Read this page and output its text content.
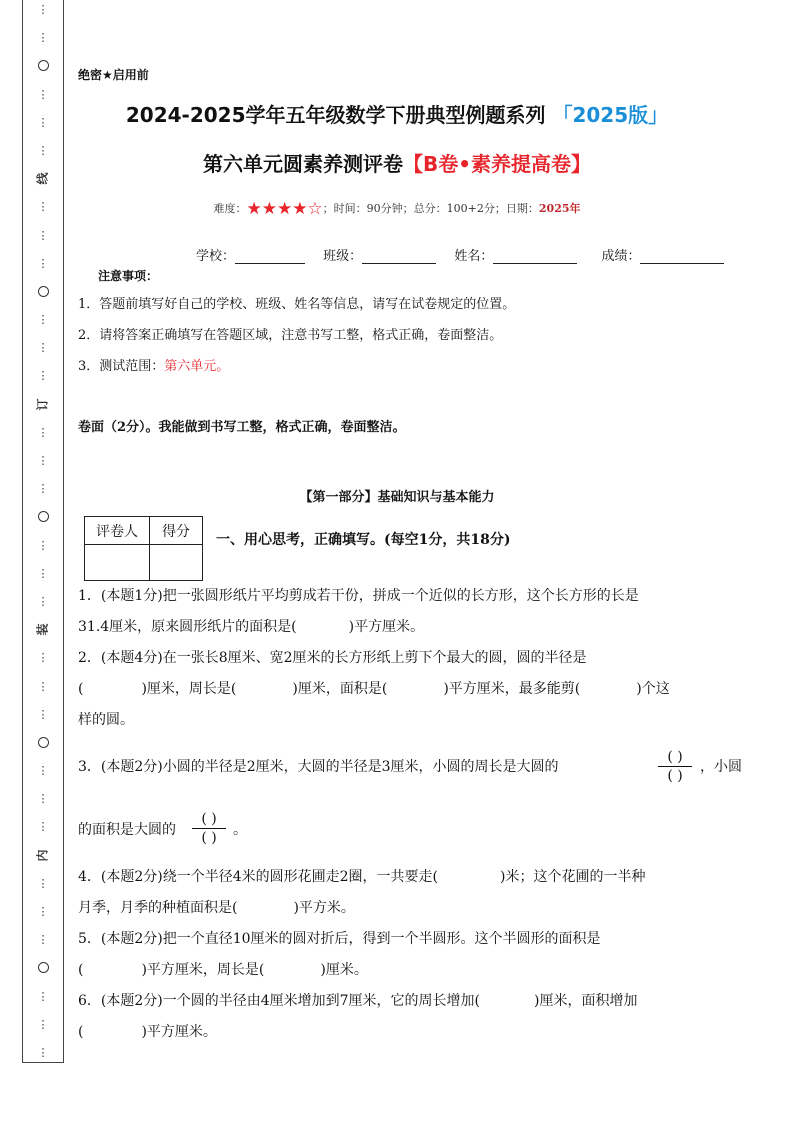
⋮
⋮
⋮
⋮
⋮
线
⋮
⋮
⋮
⋮
⋮
⋮
订
⋮
⋮
⋮
⋮
⋮
⋮
装
⋮
⋮
⋮
⋮
⋮
⋮
内
⋮
⋮
⋮
⋮
⋮
⋮
绝密★启用前
2024-2025学年五年级数学下册典型例题系列 「2025版」
第六单元圆素养测评卷【B卷•素养提高卷】
难度：★★★★☆；时间：90分钟；总分：100+2分；日期：2025年
学校：	班级：	姓名：	成绩：
注意事项：
1．答题前填写好自己的学校、班级、姓名等信息，请写在试卷规定的位置。
2．请将答案正确填写在答题区域，注意书写工整，格式正确，卷面整洁。
3．测试范围：第六单元。
卷面（2分）。我能做到书写工整，格式正确，卷面整洁。
【第一部分】基础知识与基本能力
评卷人	得分

一、用心思考，正确填写。(每空1分，共18分)
1．(本题1分)把一张圆形纸片平均剪成若干份，拼成一个近似的长方形，这个长方形的长是
31.4厘米，原来圆形纸片的面积是(	)平方厘米。
2．(本题4分)在一张长8厘米、宽2厘米的长方形纸上剪下个最大的圆，圆的半径是
(	)厘米，周长是(	)厘米，面积是(	)平方厘米，最多能剪(	)个这
样的圆。
3．(本题2分)小圆的半径是2厘米，大圆的半径是3厘米，小圆的周长是大圆的
( )
( )
，小圆
的面积是大圆的
( )
( )	。
4．(本题2分)绕一个半径4米的圆形花圃走2圈，一共要走(	)米；这个花圃的一半种
月季，月季的种植面积是(	)平方米。
5．(本题2分)把一个直径10厘米的圆对折后，得到一个半圆形。这个半圆形的面积是
(	)平方厘米，周长是(	)厘米。
6．(本题2分)一个圆的半径由4厘米增加到7厘米，它的周长增加(	)厘米，面积增加
(	)平方厘米。
